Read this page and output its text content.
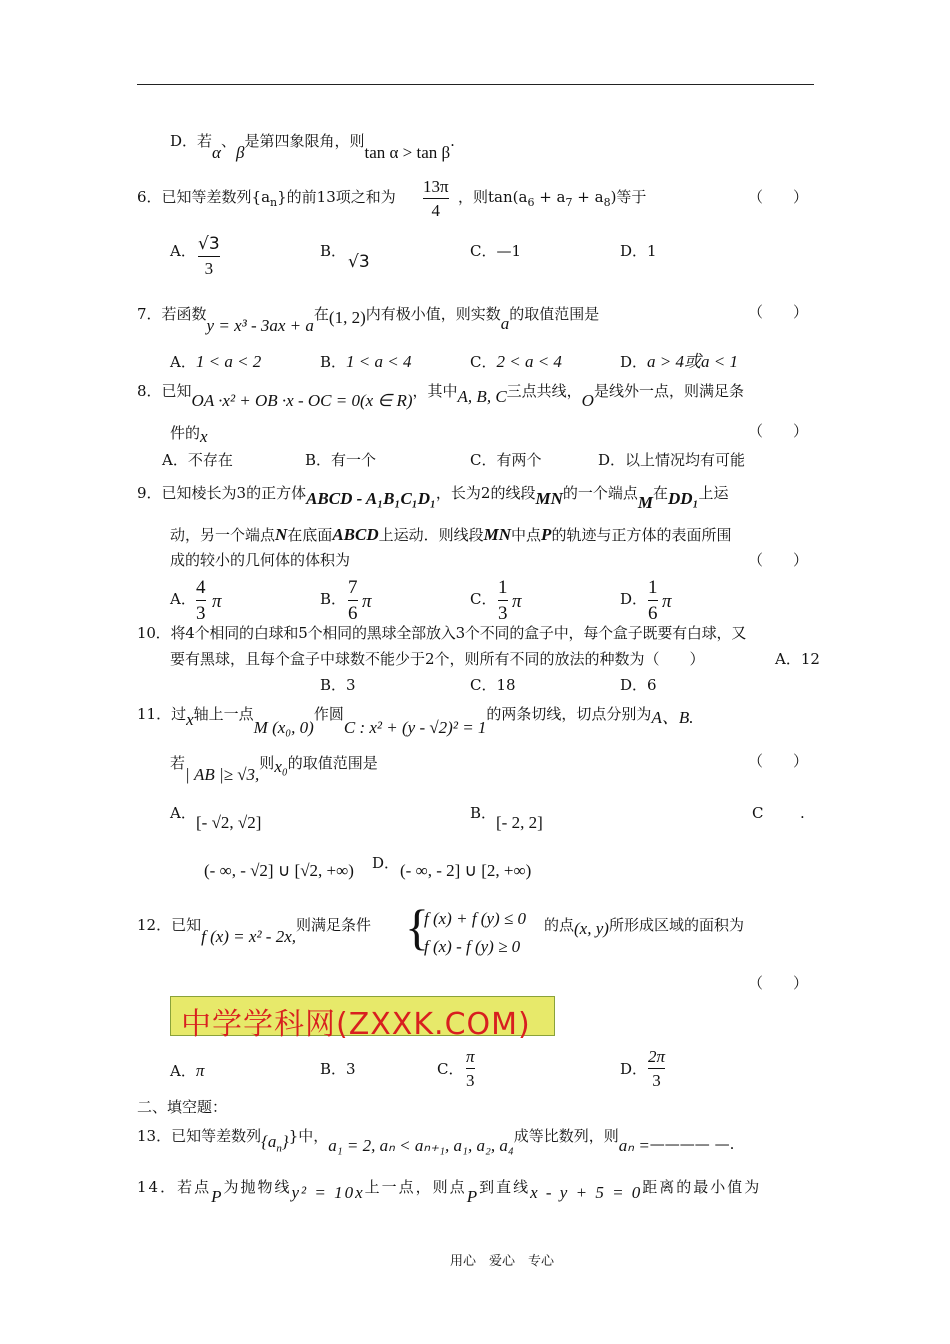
D．若α、β是第四象限角，则tan α > tan β.
6．已知等差数列$\{a_n\}$的前13项之和为
13π
4
，则$\tan(a_6 + a_7 + a_8)$等于	（　　）
A． √3
3
B．
√3
C．—1	D．1
7．若函数y = x³ - 3ax + a在(1, 2)内有极小值，则实数a的取值范围是	（　　）
A．1 < a < 2	B．1 < a < 4	C．2 < a < 4	D．a > 4或a < 1
8．已知OA ·x² + OB ·x - OC = 0(x ∈ R)，其中A, B, C三点共线，O是线外一点，则满足条
件的x	（　　）
A．不存在	B．有一个	C．有两个	D．以上情况均有可能
9．已知棱长为3的正方体ABCD - A₁B₁C₁D₁，长为2的线段MN的一个端点M在DD₁上运
动，另一个端点N在底面ABCD上运动．则线段MN中点P的轨迹与正方体的表面所围
成的较小的几何体的体积为	（　　）
A．
4
3
π	B．
7
6
π	C．
1
3
π	D．
1
6
π
10．将4个相同的白球和5个相同的黑球全部放入3个不同的盒子中，每个盒子既要有白球，又
要有黑球，且每个盒子中球数不能少于2个，则所有不同的放法的种数为（　　）	A．12
B．3	C．18	D．6
11．过x轴上一点M (x₀, 0)作圆C : x² + (y - √2)² = 1的两条切线，切点分别为A、B.
若| AB |≥ √3,则x₀的取值范围是	（　　）
A． [- √2, √2]	B． [- 2, 2]	C .
(- ∞, - √2] ∪ [√2, +∞) D． (- ∞, - 2] ∪ [2, +∞)
12．已知f (x) = x² - 2x,则满足条件 {
f (x) + f (y) ≤ 0
f (x) - f (y) ≥ 0
的点(x, y)所形成区域的面积为
（　　）
中学学科网(ZXXK.COM)
A．π	B．3	C．
π
3
D．
2π
3
二、填空题：
13．已知等差数列$\{a_n\}$}中，a₁ = 2, aₙ < aₙ₊₁, a₁, a₂, a₄成等比数列，则aₙ =———— —.
14．若点P为抛物线y² = 10x上一点，则点P到直线x - y + 5 = 0距离的最小值为
用心　爱心　专心
